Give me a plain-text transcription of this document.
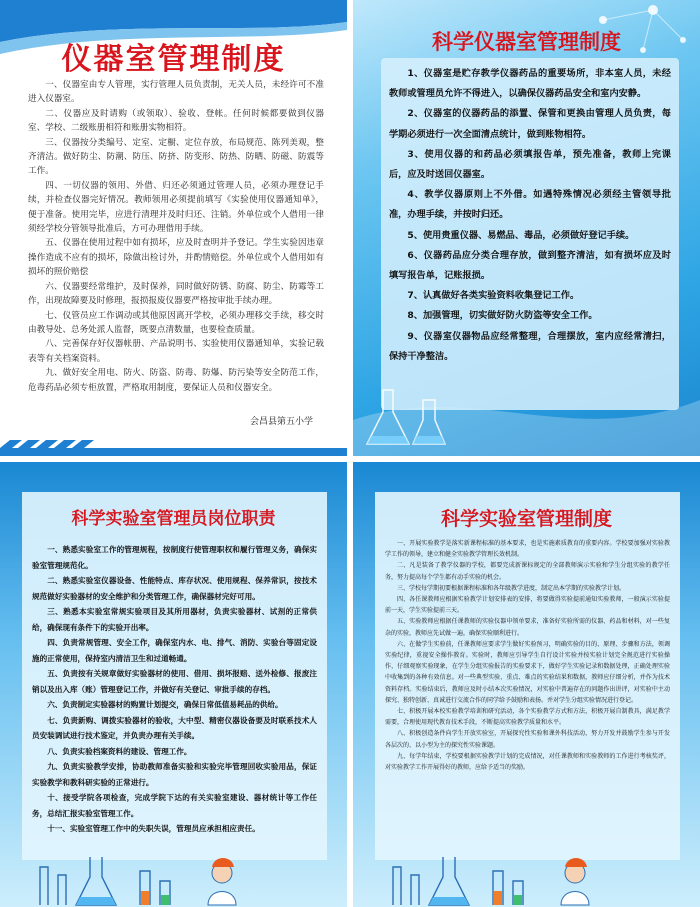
仪器室管理制度

一、仪器室由专人管理，实行管理人员负责制，无关人员，未经许可不准进入仪器室。

二、仪器应及时请购（或领取）、验收、登帐。任何时候都要做到仪器室、学校、二级账册相符和账册实物相符。

三、仪器按分类编号、定室、定橱、定位存放，布局规范、陈列美观，整齐清洁。做好防尘、防潮、防压、防挤、防变形、防热、防晒、防磁、防震等工作。

四、一切仪器的领用、外借、归还必须通过管理人员，必须办理登记手续，并检查仪器完好情况。教师领用必须提前填写《实验使用仪器通知单》，便于准备。使用完毕，应进行清理并及时归还、注销。外单位或个人借用一律须经学校分管领导批准后，方可办理借用手续。

五、仪器在使用过程中如有损坏，应及时查明并予登记。学生实验因违章操作造成不应有的损坏，除做出检讨外，并酌情赔偿。外单位或个人借用如有损坏的照价赔偿

六、仪器要经常维护，及时保养，同时做好防锈、防腐、防尘、防霉等工作，出现故障要及时修理，报损报废仪器要严格按审批手续办理。

七、仪管员应工作调动或其他原因离开学校，必须办理移交手续，移交时由教导处、总务处派人监督，既要点清数量，也要检查质量。

八、完善保存好仪器帐册、产品说明书、实验使用仪器通知单，实验记载表等有关档案资料。

九、做好安全用电、防火、防盗、防毒、防爆、防污染等安全防范工作，危毒药品必须专柜放置，严格取用制度，要保证人员和仪器安全。

会昌县第五小学
科学仪器室管理制度

1、仪器室是贮存教学仪器药品的重要场所，非本室人员，未经教师或管理员允许不得进入，以确保仪器药品安全和室内安静。

2、仪器室的仪器药品的添置、保管和更换由管理人员负责，每学期必须进行一次全面清点统计，做到账物相符。

3、使用仪器的和药品必须填报告单，预先准备，教师上完课后，应及时送回仪器室。

4、教学仪器原则上不外借。如遇特殊情况必须经主管领导批准，办理手续，并按时归还。

5、使用贵重仪器、易燃品、毒品，必须做好登记手续。

6、仪器药品应分类合理存放，做到整齐清洁，如有损坏应及时填写报告单，记账报损。

7、认真做好各类实验资料收集登记工作。

8、加强管理，切实做好防火防盗等安全工作。

9、仪器室仪器物品应经常整理，合理摆放，室内应经常清扫，保持干净整洁。

科学实验室管理员岗位职责

一、熟悉实验室工作的管理规程，按制度行使管理职权和履行管理义务，确保实验室管理规范化。

二、熟悉实验室仪器设备、性能特点、库存状况、使用规程、保养常识，按技术规范做好实验器材的安全维护和分类管理工作，确保器材完好可用。

三、熟悉本实验室常规实验项目及其所用器材，负责实验器材、试剂的正常供给，确保现有条件下的实验开出率。

四、负责常规管理、安全工作，确保室内水、电、排气、消防、实验台等固定设施的正常使用，保持室内清洁卫生和过道畅通。

五、负责按有关规章做好实验器材的使用、借用、损坏报赔、送外检修、报废注销以及出入库（账）管理登记工作，并做好有关登记、审批手续的存档。

六、负责制定实验器材的购置计划提交，确保日常低值易耗品的供给。

七、负责新购、调拨实验器材的验收，大中型、精密仪器设备要及时联系技术人员安装调试进行技术鉴定，并负责办理有关手续。

八、负责实验档案资料的建设、管理工作。

九、负责实验教学安排，协助教师准备实验和实验完毕管理回收实验用品，保证实验教学和教科研实验的正常进行。

十、接受学院各项检查，完成学院下达的有关实验室建设、器材统计等工作任务，总结汇报实验室管理工作。

十一、实验室管理工作中的失职失误，管理员应承担相应责任。

科学实验室管理制度

一、开展实验教学是落实新课程标准的基本要求，也是实施素质教育的重要内容。学校要加强对实验教学工作的领导，建立和健全实验教学管理长效机制。

二、凡是装备了教学仪器的学校，都要完成新课标规定的全部教师演示实验和学生分组实验的教学任务，努力提高每个学生都有动手实验的机会。

三、学校每学期初要根据课程标准和各年级教学进度，制定出本学期的实验教学计划。

四、各任课教师应根据实验教学计划安排表的安排，将要做得实验提前通知实验教师，一般演示实验提前一天，学生实验提前三天。

五、实验教师应根据任课教师的实验仪器申领单要求，准备好实验所需的仪器、药品和材料，对一些复杂的实验，教师应先试做一遍，确保实验顺利进行。

六、在做学生实验前，任课教师应要求学生做好实验预习，明确实验的目的、原理、步骤和方法，领调实验纪律，重视安全操作教育。实验时，教师应引导学生自行设计实验并按实验计划完全规范进行实验操作，仔细观察实验现象，在学生分组实验报告的实验要求下，做好学生实验记录和数据处理，正确处理实验中收集到的各种有效信息。对一些典型实验、重点、难点的实验结果和数据，教师应仔细分析，并作为技术资料存档。实验结束后，教师应及时小结本次实验情况，对实验中普遍存在的问题作出讲评，对实验中主动探究、独特创新、真诚进行交流合作的同学给予鼓励和表扬。并对学生分组实验情况进行登记。

七、积极开展本校实验教学培训和研究活动，各个实验教学方式和方法，积极开展自制教具，满足教学需要，合理使用现代教育技术手段，不断提高实验教学质量和水平。

八、积极创造条件向学生开放实验室，开展探究性实验和课外科技活动，努力开发并鼓励学生参与开发各层次的、以小型为主的探究性实验课题。

九、每学年结束，学校要根据实验教学计划的完成情况，对任课教师和实验教师的工作进行考核奖评，对实验教学工作开展得好的教师，应给予适当的奖励。
